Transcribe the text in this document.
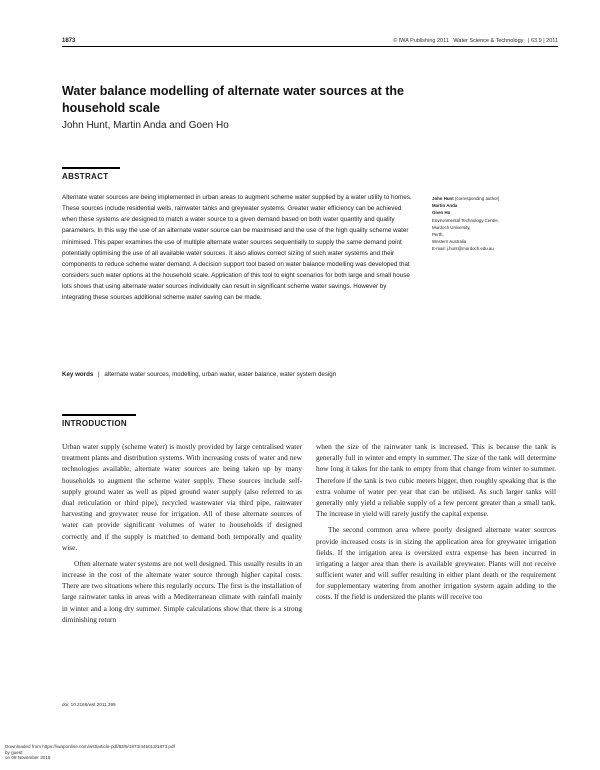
1873	© IWA Publishing 2011 Water Science & Technology | 63.9 | 2011
Water balance modelling of alternate water sources at the household scale
John Hunt, Martin Anda and Goen Ho
ABSTRACT

Alternate water sources are being implemented in urban areas to augment scheme water supplied by a water utility to homes. These sources include residential wells, rainwater tanks and greywater systems. Greater water efficiency can be achieved when these systems are designed to match a water source to a given demand based on both water quantity and quality parameters. In this way the use of an alternate water source can be maximised and the use of the high quality scheme water minimised. This paper examines the use of multiple alternate water sources sequentially to supply the same demand point potentially optimising the use of all available water sources. It also allows correct sizing of such water systems and their components to reduce scheme water demand. A decision support tool based on water balance modelling was developed that considers such water options at the household scale. Application of this tool to eight scenarios for both large and small house lots shows that using alternate water sources individually can result in significant scheme water savings. However by integrating these sources additional scheme water saving can be made.

Key words | alternate water sources, modelling, urban water, water balance, water system design
John Hunt (corresponding author)
Martin Anda
Goen Ho
Environmental Technology Centre,
Murdoch University,
Perth,
Western Australia
E-mail: j.hunt@murdoch.edu.au
INTRODUCTION

Urban water supply (scheme water) is mostly provided by large centralised water treatment plants and distribution systems. With increasing costs of water and new technologies available, alternate water sources are being taken up by many households to augment the scheme water supply. These sources include self-supply ground water as well as piped ground water supply (also referred to as dual reticulation or third pipe), recycled wastewater via third pipe, rainwater harvesting and greywater reuse for irrigation. All of these alternate sources of water can provide significant volumes of water to households if designed correctly and if the supply is matched to demand both temporally and quality wise.

Often alternate water systems are not well designed. This usually results in an increase in the cost of the alternate water source through higher capital costs. There are two situations where this regularly occurs. The first is the installation of large rainwater tanks in areas with a Mediterranean climate with rainfall mainly in winter and a long dry summer. Simple calculations show that there is a strong diminishing return

when the size of the rainwater tank is increased. This is because the tank is generally full in winter and empty in summer. The size of the tank will determine how long it takes for the tank to empty from that change from winter to summer. Therefore if the tank is two cubic meters bigger, then roughly speaking that is the extra volume of water per year that can be utilised. As such larger tanks will generally only yield a reliable supply of a few percent greater than a small tank. The increase in yield will rarely justify the capital expense.

The second common area where poorly designed alternate water sources provide increased costs is in sizing the application area for greywater irrigation fields. If the irrigation area is oversized extra expense has been incurred in irrigating a larger area than there is available greywater. Plants will not receive sufficient water and will suffer resulting in either plant death or the requirement for supplementary watering from another irrigation system again adding to the costs. If the field is undersized the plants will receive too

doi: 10.2166/wst.2011.399
Downloaded from https://iwaponline.com/wst/article-pdf/63/9/1873/445013/1873.pdf
by guest
on 08 November 2018
